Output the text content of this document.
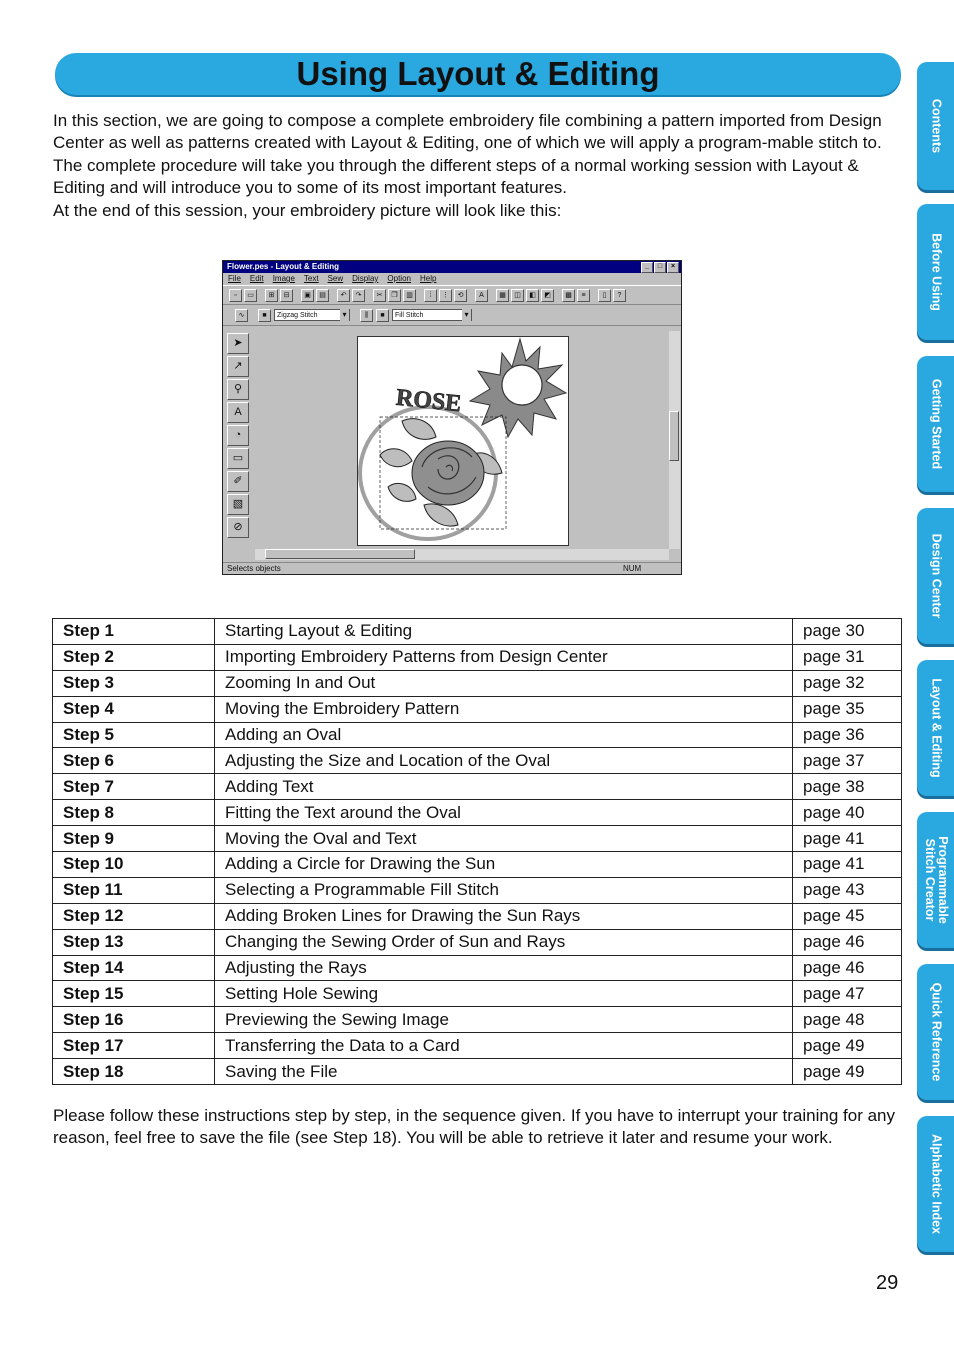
Using Layout & Editing

In this section, we are going to compose a complete embroidery file combining a pattern imported from Design Center as well as patterns created with Layout & Editing, one of which we will apply a program-mable stitch to.

The complete procedure will take you through the different steps of a normal working session with Layout & Editing and will introduce you to some of its most important features.

At the end of this session, your embroidery picture will look like this:

Flower.pes - Layout & Editing	_	□	×
File Edit Image Text Sew Display Option Help
▫	▭	⊞	⊟	▣	▤	↶	↷	✂	❐	▥	⁞	⋮	⟲	A	▦	◫	◧	◩	▩	≡	▯	?
∿	■	Zigzag Stitch ▾	⫼	■	Fill Stitch ▾
➤
↗
⚲
A
◔
▭
✐
▧
⊘
ROSE
Selects objects	NUM
Step 1	Starting Layout & Editing	page 30
Step 2	Importing Embroidery Patterns from Design Center	page 31
Step 3	Zooming In and Out	page 32
Step 4	Moving the Embroidery Pattern	page 35
Step 5	Adding an Oval	page 36
Step 6	Adjusting the Size and Location of the Oval	page 37
Step 7	Adding Text	page 38
Step 8	Fitting the Text around the Oval	page 40
Step 9	Moving the Oval and Text	page 41
Step 10	Adding a Circle for Drawing the Sun	page 41
Step 11	Selecting a Programmable Fill Stitch	page 43
Step 12	Adding Broken Lines for Drawing the Sun Rays	page 45
Step 13	Changing the Sewing Order of Sun and Rays	page 46
Step 14	Adjusting the Rays	page 46
Step 15	Setting Hole Sewing	page 47
Step 16	Previewing the Sewing Image	page 48
Step 17	Transferring the Data to a Card	page 49
Step 18	Saving the File	page 49

Please follow these instructions step by step, in the sequence given. If you have to interrupt your training for any reason, feel free to save the file (see Step 18). You will be able to retrieve it later and resume your work.

29
Contents
Before Using
Getting Started
Design Center
Layout & Editing
Programmable
Stitch Creator
Quick Reference
Alphabetic Index
